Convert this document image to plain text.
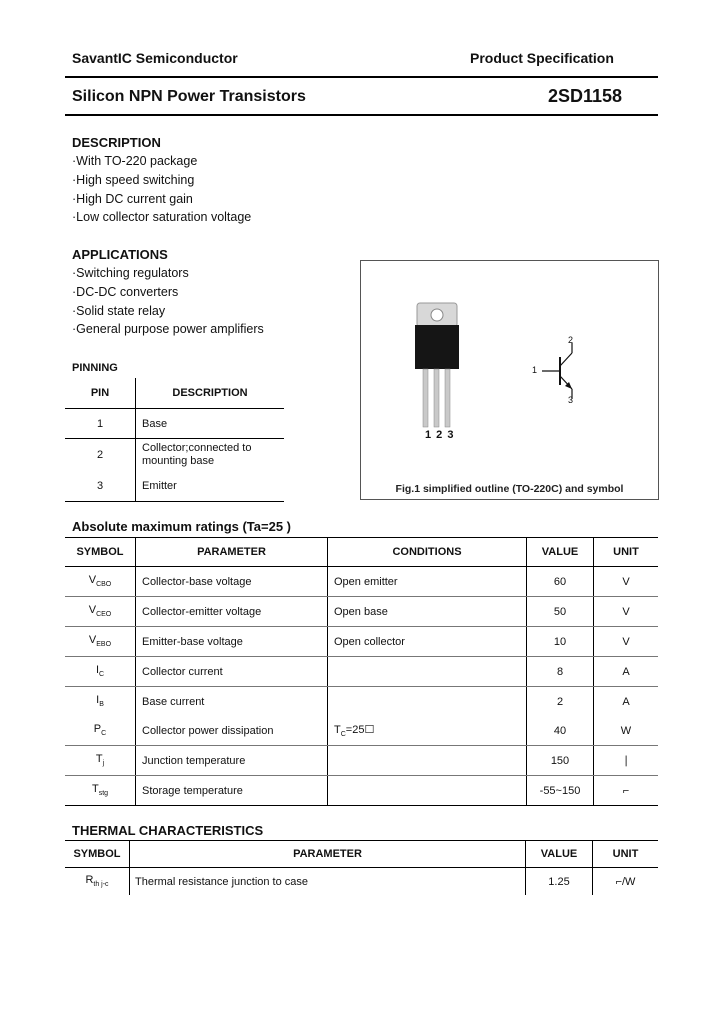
SavantIC Semiconductor	Product Specification
Silicon NPN Power Transistors	2SD1158
DESCRIPTION
·With TO-220 package
·High speed switching
·High DC current gain
·Low collector saturation voltage
APPLICATIONS
·Switching regulators
·DC-DC converters
·Solid state relay
·General purpose power amplifiers
PINNING
PIN	DESCRIPTION
1	Base
2	Collector;connected to mounting base
3	Emitter
1 2 3
1
2
3
Fig.1 simplified outline (TO-220C) and symbol
Absolute maximum ratings (Ta=25 )
SYMBOL	PARAMETER	CONDITIONS	VALUE	UNIT
$V_{CBO}$	Collector-base voltage	Open emitter	60	V
$V_{CEO}$	Collector-emitter voltage	Open base	50	V
$V_{EBO}$	Emitter-base voltage	Open collector	10	V
$I_C$	Collector current		8	A
$I_B$	Base current		2	A
$P_C$	Collector power dissipation	$T_C=25☐$	40	W
$T_j$	Junction temperature		150	∣
$T_{stg}$	Storage temperature		-55~150	⌐
THERMAL CHARACTERISTICS
SYMBOL	PARAMETER	VALUE	UNIT
$R_{th j-c}$	Thermal resistance junction to case	1.25	⌐/W
